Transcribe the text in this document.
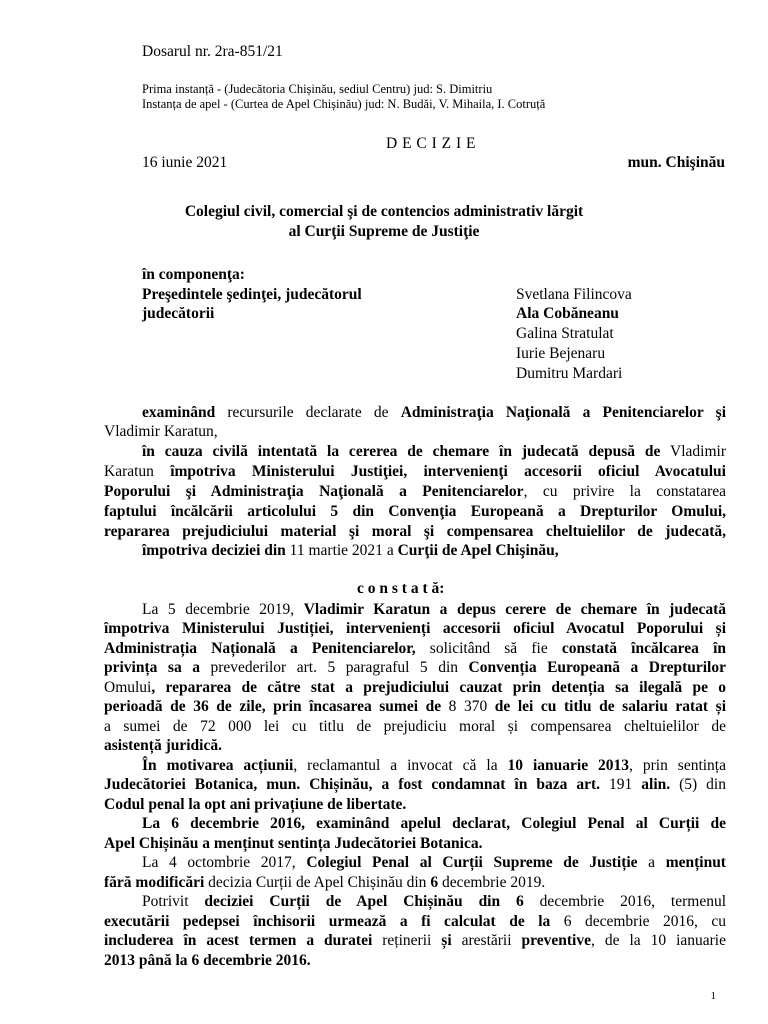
Dosarul nr. 2ra-851/21
Prima instanță - (Judecătoria Chișinău, sediul Centru) jud: S. Dimitriu
Instanța de apel - (Curtea de Apel Chișinău) jud: N. Budăi, V. Mihaila, I. Cotruță
D E C I Z I E
16 iunie 2021	mun. Chişinău
Colegiul civil, comercial şi de contencios administrativ lărgit
al Curţii Supreme de Justiţie
în componenţa:
Preşedintele şedinţei, judecătorul
judecătorii
Svetlana Filincova
Ala Cobăneanu
Galina Stratulat
Iurie Bejenaru
Dumitru Mardari
examinând recursurile declarate de Administraţia Naţională a Penitenciarelor şi
Vladimir Karatun,
în cauza civilă intentată la cererea de chemare în judecată depusă de Vladimir
Karatun împotriva Ministerului Justiţiei, intervenienţi accesorii oficiul Avocatului
Poporului şi Administraţia Naţională a Penitenciarelor, cu privire la constatarea
faptului încălcării articolului 5 din Convenţia Europeană a Drepturilor Omului,
repararea prejudiciului material şi moral şi compensarea cheltuielilor de judecată,
împotriva deciziei din 11 martie 2021 a Curţii de Apel Chişinău,
c o n s t a t ă:
La 5 decembrie 2019, Vladimir Karatun a depus cerere de chemare în judecată
împotriva Ministerului Justiției, intervenienți accesorii oficiul Avocatul Poporului și
Administrația Națională a Penitenciarelor, solicitând să fie constată încălcarea în
privința sa a prevederilor art. 5 paragraful 5 din Convenția Europeană a Drepturilor
Omului, repararea de către stat a prejudiciului cauzat prin detenția sa ilegală pe o
perioadă de 36 de zile, prin încasarea sumei de 8 370 de lei cu titlu de salariu ratat și
a sumei de 72 000 lei cu titlu de prejudiciu moral și compensarea cheltuielilor de
asistență juridică.
În motivarea acțiunii, reclamantul a invocat că la 10 ianuarie 2013, prin sentința
Judecătoriei Botanica, mun. Chișinău, a fost condamnat în baza art. 191 alin. (5) din
Codul penal la opt ani privațiune de libertate.
La 6 decembrie 2016, examinând apelul declarat, Colegiul Penal al Curții de
Apel Chișinău a menținut sentința Judecătoriei Botanica.
La 4 octombrie 2017, Colegiul Penal al Curții Supreme de Justiție a menținut
fără modificări decizia Curții de Apel Chișinău din 6 decembrie 2019.
Potrivit deciziei Curții de Apel Chișinău din 6 decembrie 2016, termenul
executării pedepsei închisorii urmează a fi calculat de la 6 decembrie 2016, cu
includerea în acest termen a duratei reținerii și arestării preventive, de la 10 ianuarie
2013 până la 6 decembrie 2016.
1
